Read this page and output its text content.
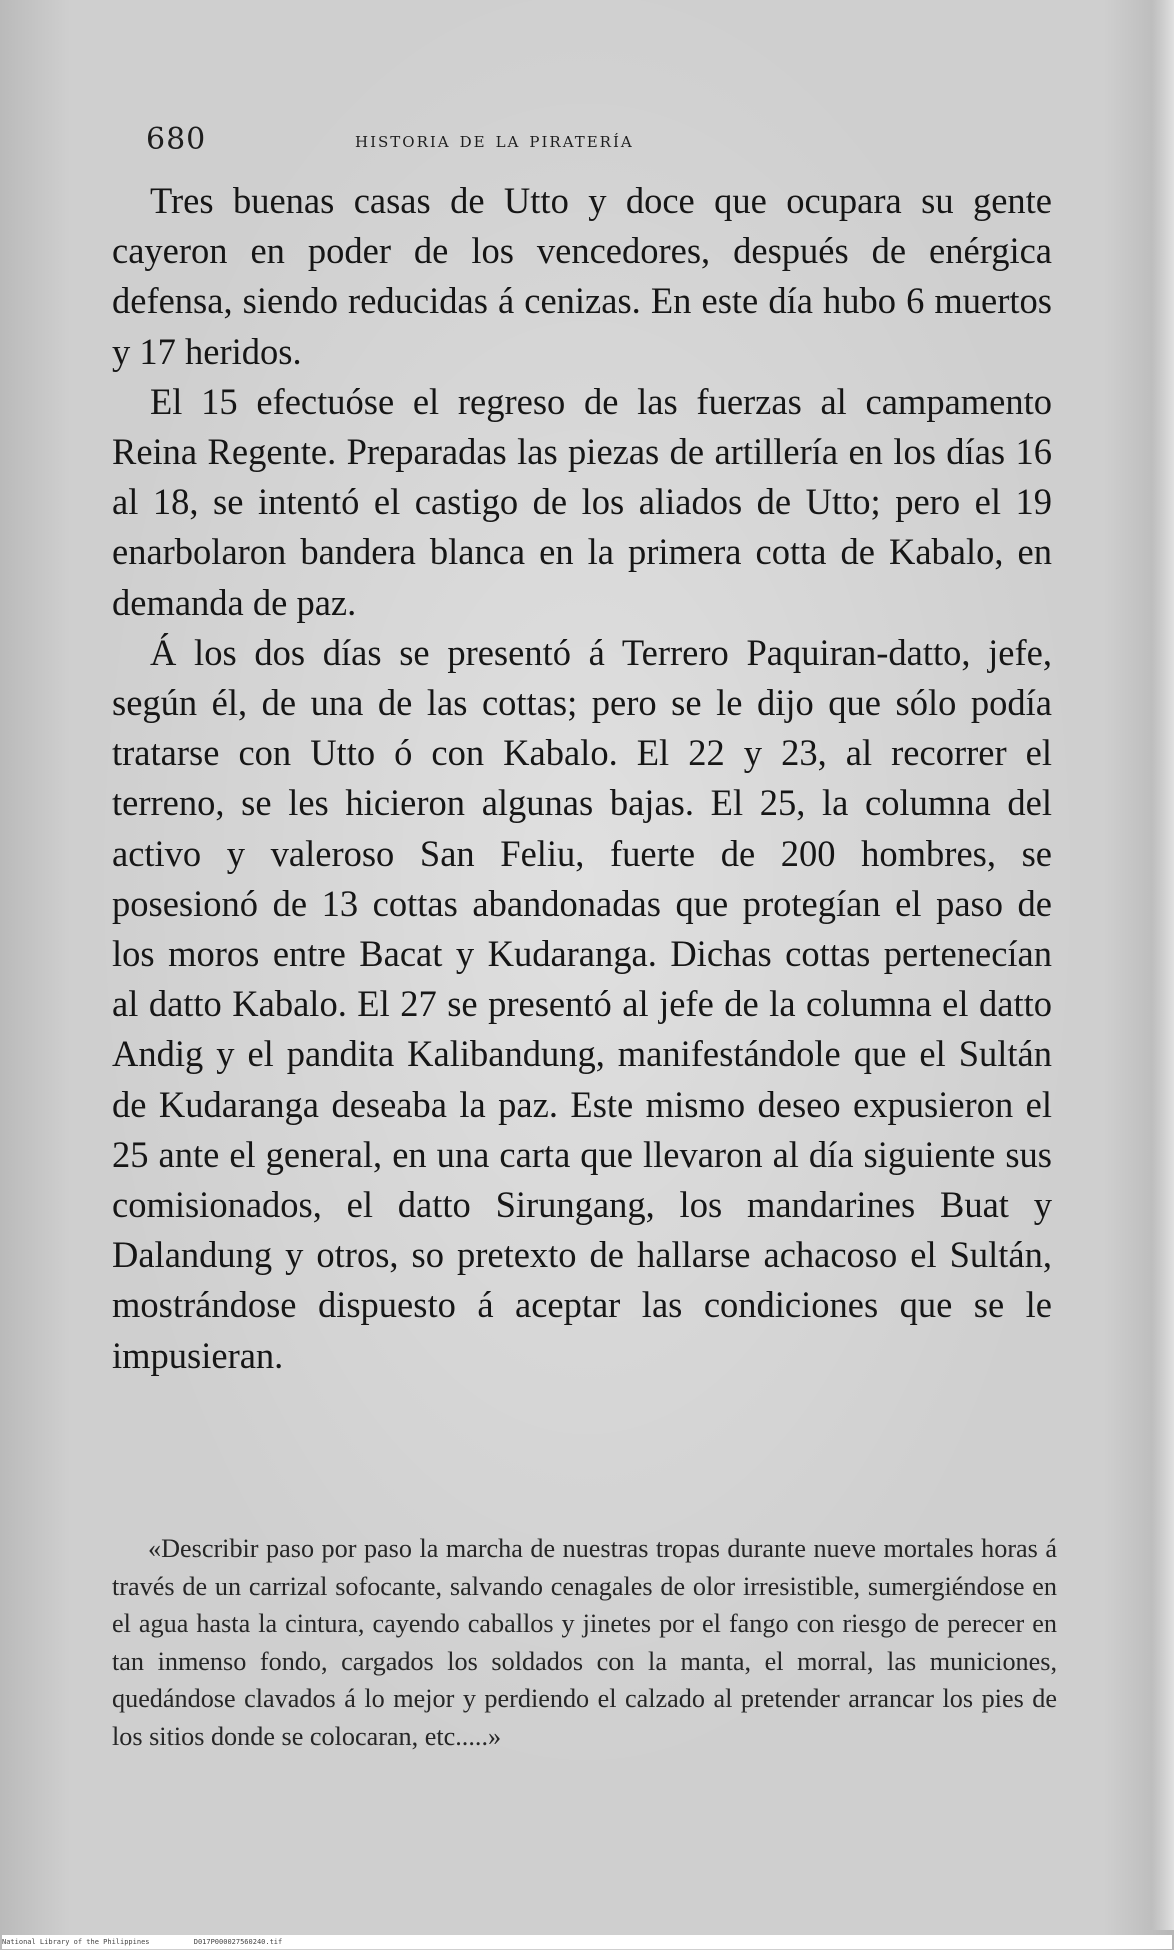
680	historia de la piratería

Tres buenas casas de Utto y doce que ocupara su gente cayeron en poder de los vencedores, después de enérgica defensa, siendo reducidas á cenizas. En este día hubo 6 muertos y 17 heridos.

El 15 efectuóse el regreso de las fuerzas al campamento Reina Regente. Preparadas las piezas de artillería en los días 16 al 18, se intentó el castigo de los aliados de Utto; pero el 19 enarbolaron bandera blanca en la primera cotta de Kabalo, en demanda de paz.

Á los dos días se presentó á Terrero Paquiran-datto, jefe, según él, de una de las cottas; pero se le dijo que sólo podía tratarse con Utto ó con Kabalo. El 22 y 23, al recorrer el terreno, se les hicieron algunas bajas. El 25, la columna del activo y valeroso San Feliu, fuerte de 200 hombres, se posesionó de 13 cottas abandonadas que protegían el paso de los moros entre Bacat y Kudaranga. Dichas cottas pertenecían al datto Kabalo. El 27 se presentó al jefe de la columna el datto Andig y el pandita Kalibandung, manifestándole que el Sultán de Kudaranga deseaba la paz. Este mismo deseo expusieron el 25 ante el general, en una carta que llevaron al día siguiente sus comisionados, el datto Sirungang, los mandarines Buat y Dalandung y otros, so pretexto de hallarse achacoso el Sultán, mostrándose dispuesto á aceptar las condiciones que se le impusieran.

«Describir paso por paso la marcha de nuestras tropas durante nueve mortales horas á través de un carrizal sofocante, salvando cenagales de olor irresistible, sumergiéndose en el agua hasta la cintura, cayendo caballos y jinetes por el fango con riesgo de perecer en tan inmenso fondo, cargados los soldados con la manta, el morral, las municiones, quedándose clavados á lo mejor y perdiendo el calzado al pretender arrancar los pies de los sitios donde se colocaran, etc.....»

National Library of the Philippines	D017P000027560240.tif
